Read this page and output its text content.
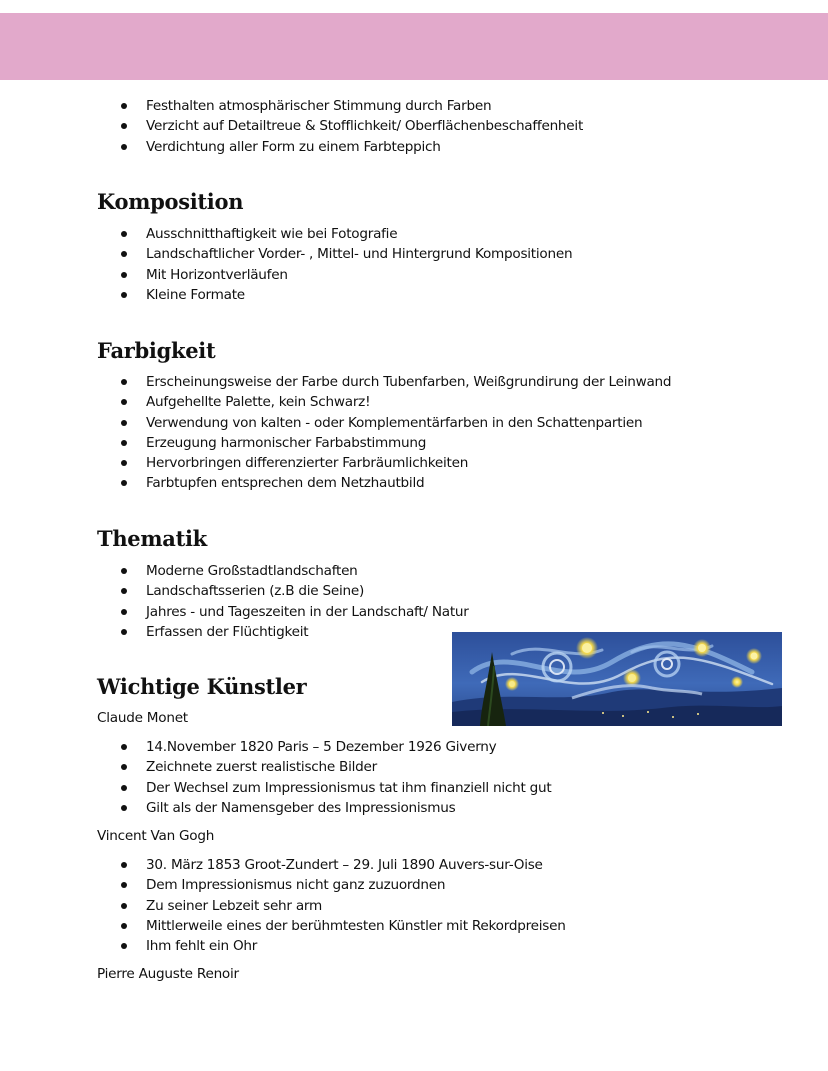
Festhalten atmosphärischer Stimmung durch Farben
Verzicht auf Detailtreue & Stofflichkeit/ Oberflächenbeschaffenheit
Verdichtung aller Form zu einem Farbteppich
Komposition
Ausschnitthaftigkeit wie bei Fotografie
Landschaftlicher Vorder- , Mittel- und Hintergrund Kompositionen
Mit Horizontverläufen
Kleine Formate
Farbigkeit
Erscheinungsweise der Farbe durch Tubenfarben, Weißgrundirung der Leinwand
Aufgehellte Palette, kein Schwarz!
Verwendung von kalten - oder Komplementärfarben in den Schattenpartien
Erzeugung harmonischer Farbabstimmung
Hervorbringen differenzierter Farbräumlichkeiten
Farbtupfen entsprechen dem Netzhautbild
Thematik
Moderne Großstadtlandschaften
Landschaftsserien (z.B die Seine)
Jahres - und Tageszeiten in der Landschaft/ Natur
Erfassen der Flüchtigkeit
Wichtige Künstler
Claude Monet
14.November 1820 Paris – 5 Dezember 1926 Giverny
Zeichnete zuerst realistische Bilder
Der Wechsel zum Impressionismus tat ihm finanziell nicht gut
Gilt als der Namensgeber des Impressionismus
Vincent Van Gogh
30. März 1853 Groot-Zundert – 29. Juli 1890 Auvers-sur-Oise
Dem Impressionismus nicht ganz zuzuordnen
Zu seiner Lebzeit sehr arm
Mittlerweile eines der berühmtesten Künstler mit Rekordpreisen
Ihm fehlt ein Ohr
Pierre Auguste Renoir
